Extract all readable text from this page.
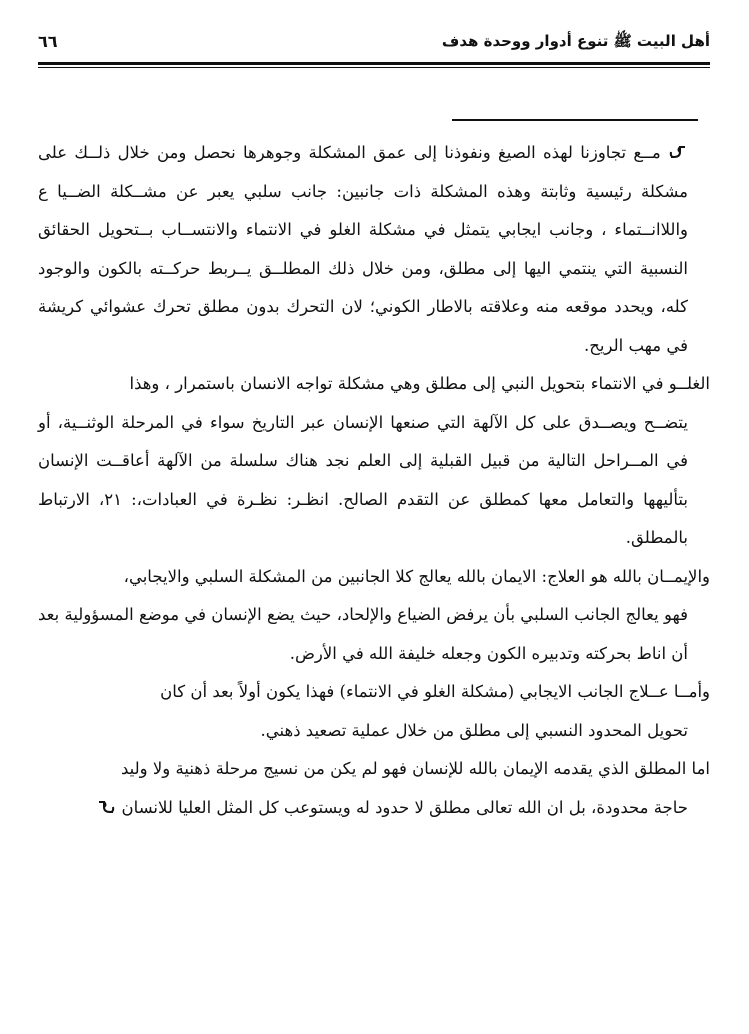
أهل البيت ﷺ تنوع أدوار ووحدة هدف
٦٦

مــع تجاوزنا لهذه الصيغ ونفوذنا إلى عمق المشكلة وجوهرها نحصل ومن خلال ذلــك على مشكلة رئيسية وثابتة وهذه المشكلة ذات جانبين: جانب سلبي يعبر عن مشــكلة الضــيا ع واللاانــتماء ، وجانب ايجابي يتمثل في مشكلة الغلو في الانتماء والانتســاب بــتحويل الحقائق النسبية التي ينتمي اليها إلى مطلق، ومن خلال ذلك المطلــق يــربط حركــته بالكون والوجود كله، ويحدد موقعه منه وعلاقته بالاطار الكوني؛ لان التحرك بدون مطلق تحرك عشوائي كريشة في مهب الريح.

الغلــو في الانتماء بتحويل النبي إلى مطلق وهي مشكلة تواجه الانسان باستمرار ، وهذا
يتضــح ويصــدق على كل الآلهة التي صنعها الإنسان عبر التاريخ سواء في المرحلة الوثنــية، أو في المــراحل التالية من قبيل القبلية إلى العلم نجد هناك سلسلة من الآلهة أعاقــت الإنسان بتأليهها والتعامل معها كمطلق عن التقدم الصالح. انظـر: نظـرة في العبادات،: ٢١، الارتباط بالمطلق.

والإيمــان بالله هو العلاج: الايمان بالله يعالج كلا الجانبين من المشكلة السلبي والايجابي،
فهو يعالج الجانب السلبي بأن يرفض الضياع والإلحاد، حيث يضع الإنسان في موضع المسؤولية بعد أن اناط بحركته وتدبيره الكون وجعله خليفة الله في الأرض.

وأمــا عــلاج الجانب الايجابي (مشكلة الغلو في الانتماء) فهذا يكون أولاً بعد أن كان
تحويل المحدود النسبي إلى مطلق من خلال عملية تصعيد ذهني.

اما المطلق الذي يقدمه الإيمان بالله للإنسان فهو لم يكن من نسيج مرحلة ذهنية ولا وليد
حاجة محدودة، بل ان الله تعالى مطلق لا حدود له ويستوعب كل المثل العليا للانسان
